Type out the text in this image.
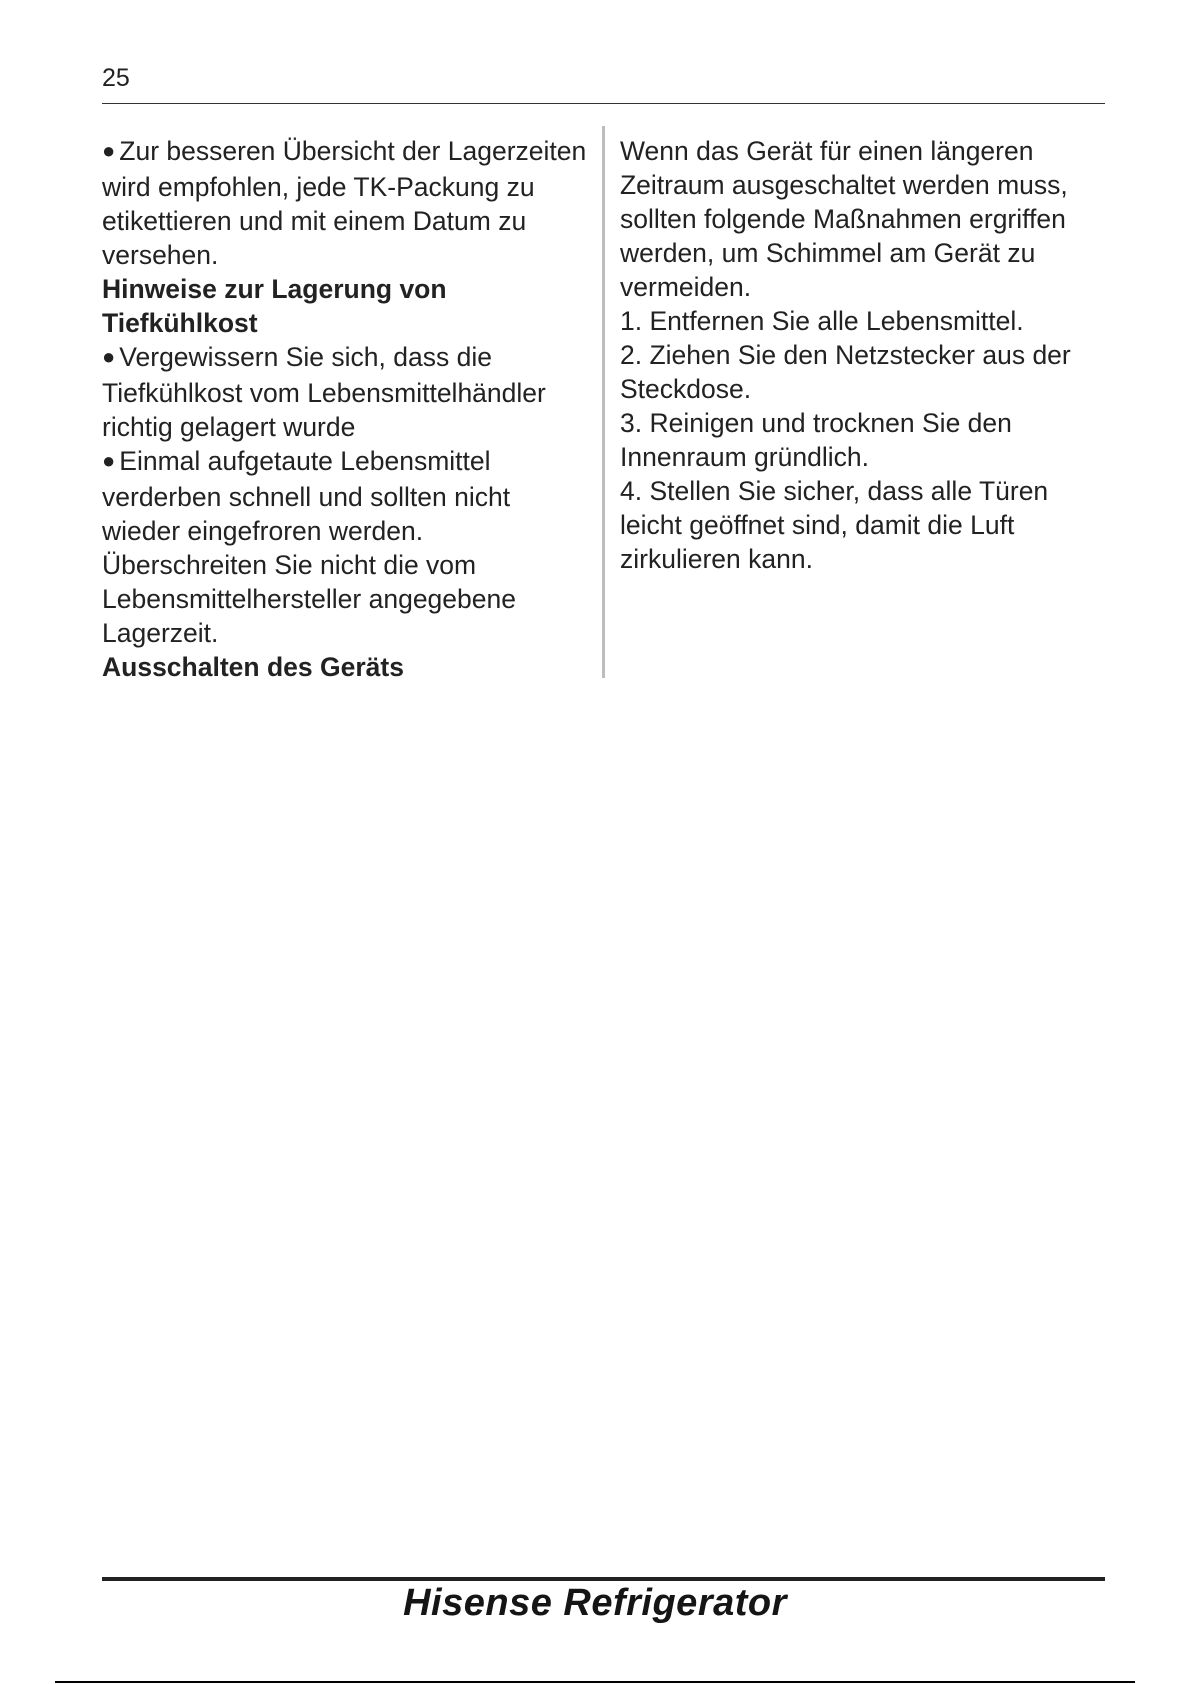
25

● Zur besseren Übersicht der Lagerzeiten wird empfohlen, jede TK-Packung zu etikettieren und mit einem Datum zu versehen.

Hinweise zur Lagerung von Tiefkühlkost

● Vergewissern Sie sich, dass die Tiefkühlkost vom Lebensmittelhändler richtig gelagert wurde

● Einmal aufgetaute Lebensmittel verderben schnell und sollten nicht wieder eingefroren werden.

Überschreiten Sie nicht die vom Lebensmittelhersteller angegebene Lagerzeit.

Ausschalten des Geräts

Wenn das Gerät für einen längeren Zeitraum ausgeschaltet werden muss, sollten folgende Maßnahmen ergriffen werden, um Schimmel am Gerät zu vermeiden.

1. Entfernen Sie alle Lebensmittel.

2. Ziehen Sie den Netzstecker aus der Steckdose.

3. Reinigen und trocknen Sie den Innenraum gründlich.

4. Stellen Sie sicher, dass alle Türen leicht geöffnet sind, damit die Luft zirkulieren kann.

Hisense Refrigerator
